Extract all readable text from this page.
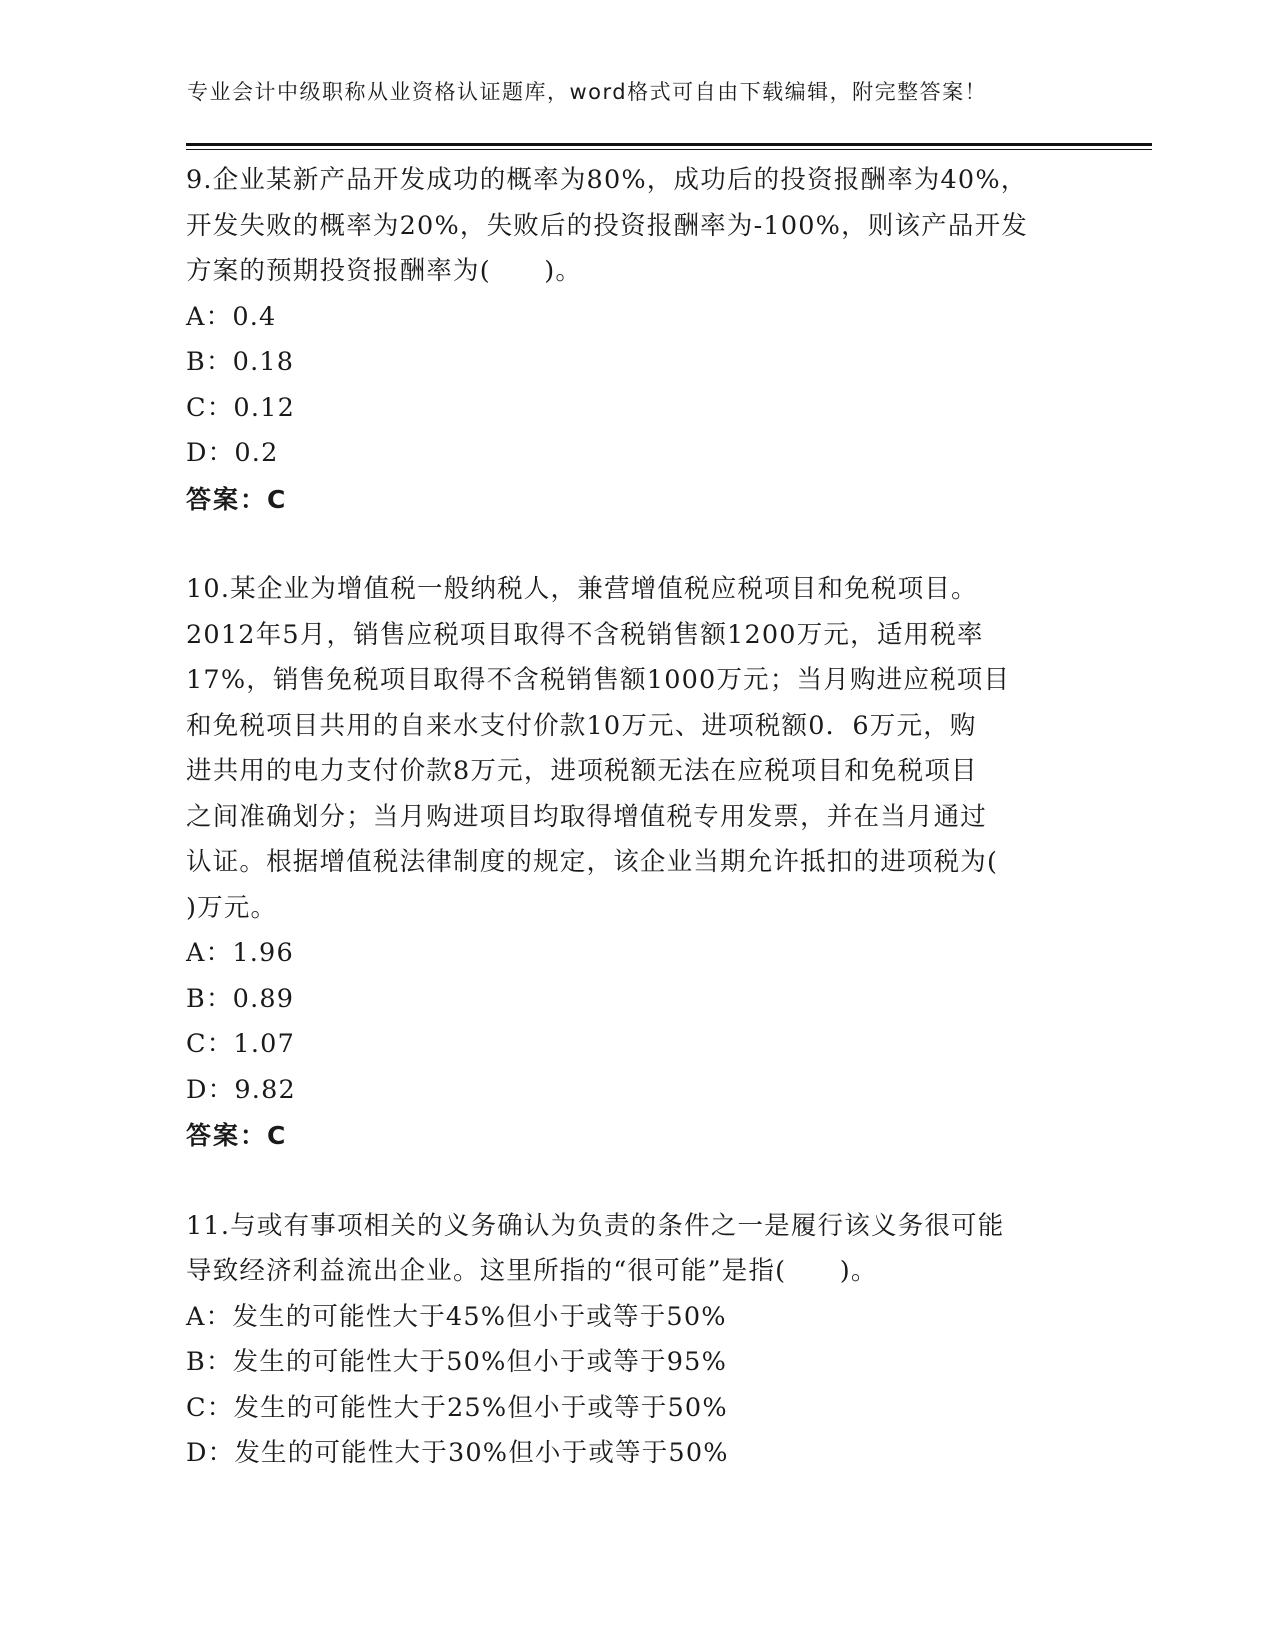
专业会计中级职称从业资格认证题库，word格式可自由下载编辑，附完整答案！

9.企业某新产品开发成功的概率为80%，成功后的投资报酬率为40%，

开发失败的概率为20%，失败后的投资报酬率为-100%，则该产品开发

方案的预期投资报酬率为(　　)。

A：0.4

B：0.18

C：0.12

D：0.2

答案：C

10.某企业为增值税一般纳税人，兼营增值税应税项目和免税项目。

2012年5月，销售应税项目取得不含税销售额1200万元，适用税率

17%，销售免税项目取得不含税销售额1000万元；当月购进应税项目

和免税项目共用的自来水支付价款10万元、进项税额0．6万元，购

进共用的电力支付价款8万元，进项税额无法在应税项目和免税项目

之间准确划分；当月购进项目均取得增值税专用发票，并在当月通过

认证。根据增值税法律制度的规定，该企业当期允许抵扣的进项税为(

)万元。

A：1.96

B：0.89

C：1.07

D：9.82

答案：C

11.与或有事项相关的义务确认为负责的条件之一是履行该义务很可能

导致经济利益流出企业。这里所指的“很可能”是指(　　)。

A：发生的可能性大于45%但小于或等于50%

B：发生的可能性大于50%但小于或等于95%

C：发生的可能性大于25%但小于或等于50%

D：发生的可能性大于30%但小于或等于50%
